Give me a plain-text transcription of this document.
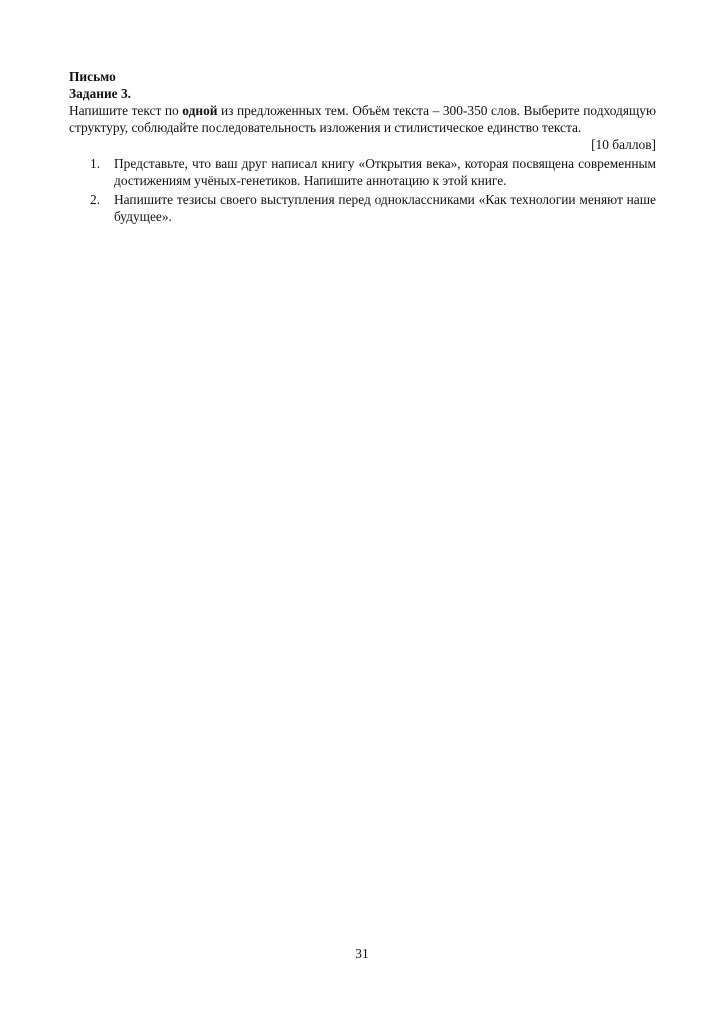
Письмо

Задание 3.

Напишите текст по одной из предложенных тем. Объём текста – 300-350 слов. Выберите подходящую структуру, соблюдайте последовательность изложения и стилистическое единство текста.

[10 баллов]

1. Представьте, что ваш друг написал книгу «Открытия века», которая посвящена современным достижениям учёных-генетиков. Напишите аннотацию к этой книге.
2. Напишите тезисы своего выступления перед одноклассниками «Как технологии меняют наше будущее».
31
